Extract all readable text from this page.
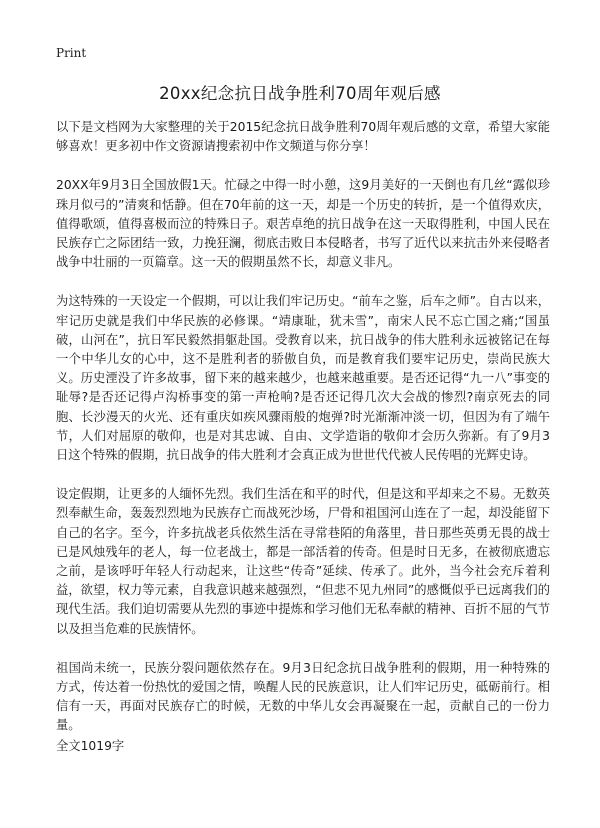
Print
20xx纪念抗日战争胜利70周年观后感

以下是文档网为大家整理的关于2015纪念抗日战争胜利70周年观后感的文章，希望大家能够喜欢！更多初中作文资源请搜索初中作文频道与你分享！

20XX年9月3日全国放假1天。忙碌之中得一时小憩，这9月美好的一天倒也有几丝“露似珍珠月似弓的”清爽和恬静。但在70年前的这一天，却是一个历史的转折，是一个值得欢庆，值得歌颂，值得喜极而泣的特殊日子。艰苦卓绝的抗日战争在这一天取得胜利，中国人民在民族存亡之际团结一致，力挽狂澜，彻底击败日本侵略者，书写了近代以来抗击外来侵略者战争中壮丽的一页篇章。这一天的假期虽然不长，却意义非凡。

为这特殊的一天设定一个假期，可以让我们牢记历史。“前车之鉴，后车之师”。自古以来，牢记历史就是我们中华民族的必修课。“靖康耻，犹未雪”，南宋人民不忘亡国之痛;“国虽破，山河在”，抗日军民毅然捐躯赴国。受教育以来，抗日战争的伟大胜利永远被铭记在每一个中华儿女的心中，这不是胜利者的骄傲自负，而是教育我们要牢记历史，崇尚民族大义。历史湮没了许多故事，留下来的越来越少，也越来越重要。是否还记得“九一八”事变的耻辱?是否还记得卢沟桥事变的第一声枪响?是否还记得几次大会战的惨烈?南京死去的同胞、长沙漫天的火光、还有重庆如疾风骤雨般的炮弹?时光渐渐冲淡一切，但因为有了端午节，人们对屈原的敬仰，也是对其忠诚、自由、文学造诣的敬仰才会历久弥新。有了9月3日这个特殊的假期，抗日战争的伟大胜利才会真正成为世世代代被人民传唱的光辉史诗。

设定假期，让更多的人缅怀先烈。我们生活在和平的时代，但是这和平却来之不易。无数英烈奉献生命，轰轰烈烈地为民族存亡而战死沙场，尸骨和祖国河山连在了一起，却没能留下自己的名字。至今，许多抗战老兵依然生活在寻常巷陌的角落里，昔日那些英勇无畏的战士已是风烛残年的老人，每一位老战士，都是一部活着的传奇。但是时日无多，在被彻底遗忘之前，是该呼吁年轻人行动起来，让这些“传奇”延续、传承了。此外，当今社会充斥着利益，欲望，权力等元素，自我意识越来越强烈，“但悲不见九州同”的感慨似乎已远离我们的现代生活。我们迫切需要从先烈的事迹中提炼和学习他们无私奉献的精神、百折不屈的气节以及担当危难的民族情怀。

祖国尚未统一，民族分裂问题依然存在。9月3日纪念抗日战争胜利的假期，用一种特殊的方式，传达着一份热忱的爱国之情，唤醒人民的民族意识，让人们牢记历史，砥砺前行。相信有一天，再面对民族存亡的时候，无数的中华儿女会再凝聚在一起，贡献自己的一份力量。

全文1019字
